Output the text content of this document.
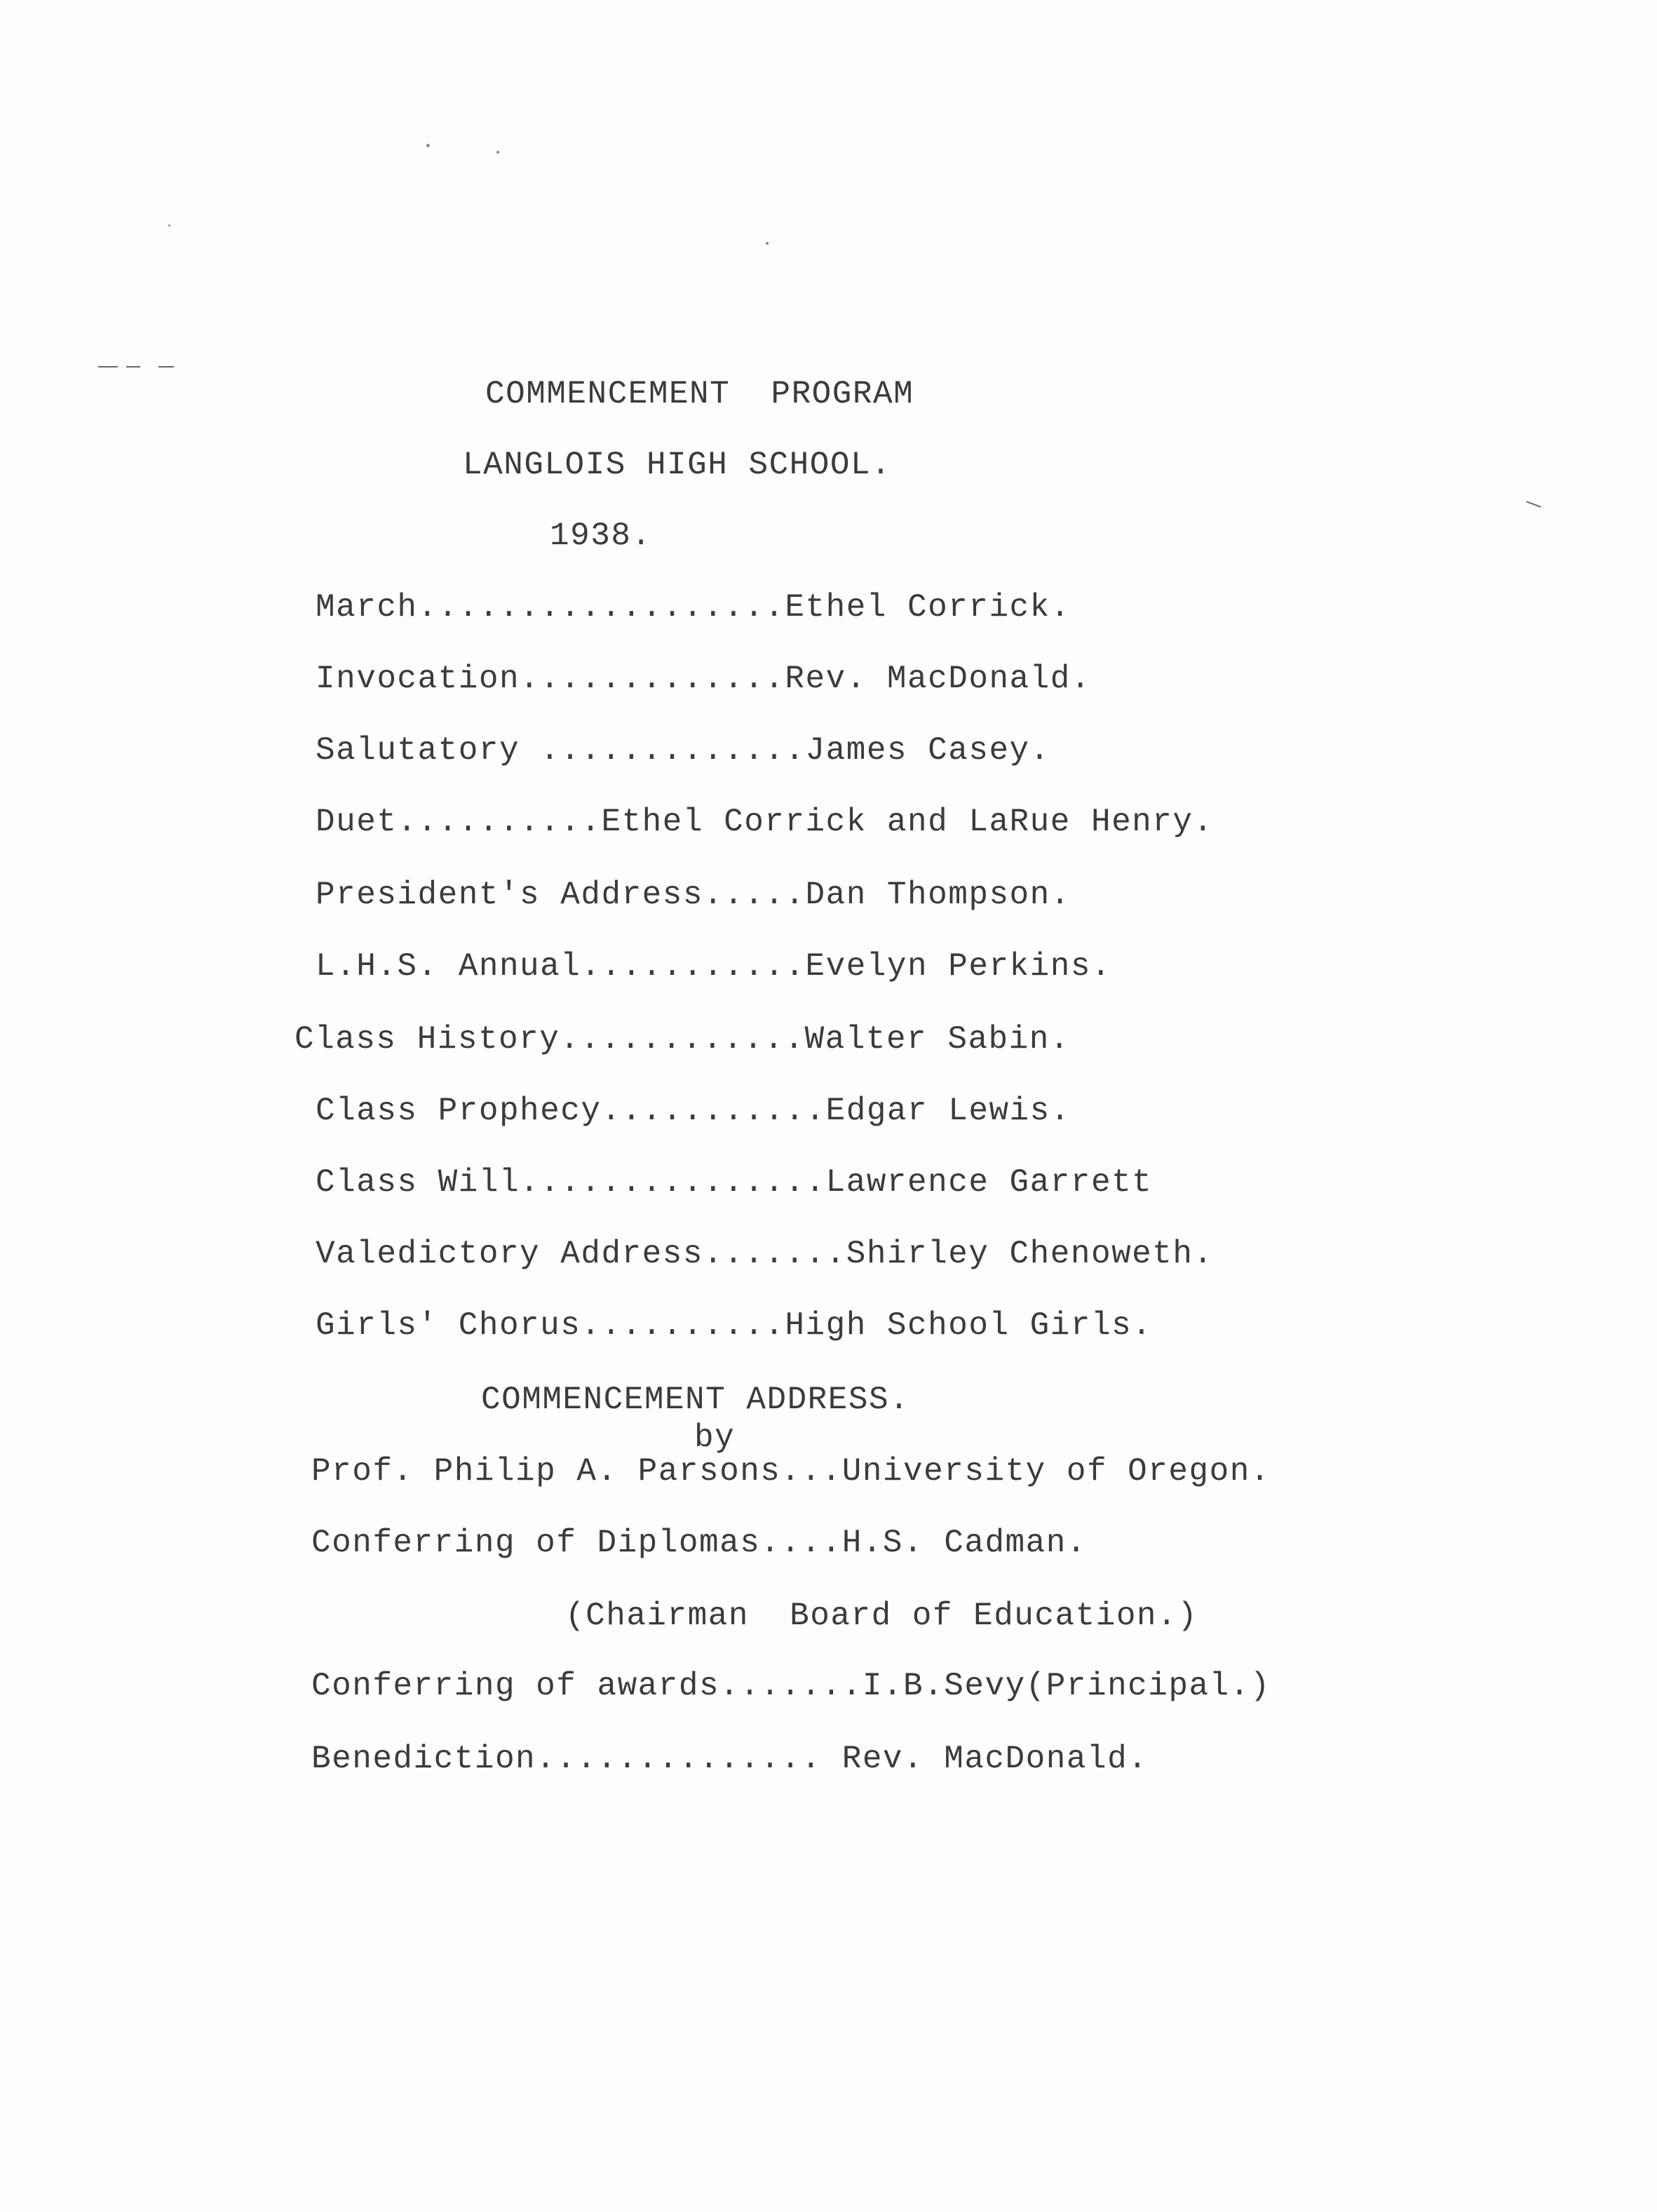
COMMENCEMENT  PROGRAM
LANGLOIS HIGH SCHOOL.
1938.
March..................Ethel Corrick.
Invocation.............Rev. MacDonald.
Salutatory .............James Casey.
Duet..........Ethel Corrick and LaRue Henry.
President's Address.....Dan Thompson.
L.H.S. Annual...........Evelyn Perkins.
Class History............Walter Sabin.
Class Prophecy...........Edgar Lewis.
Class Will...............Lawrence Garrett
Valedictory Address.......Shirley Chenoweth.
Girls' Chorus..........High School Girls.
COMMENCEMENT ADDRESS.
by
Prof. Philip A. Parsons...University of Oregon.
Conferring of Diplomas....H.S. Cadman.
(Chairman  Board of Education.)
Conferring of awards.......I.B.Sevy(Principal.)
Benediction.............. Rev. MacDonald.
